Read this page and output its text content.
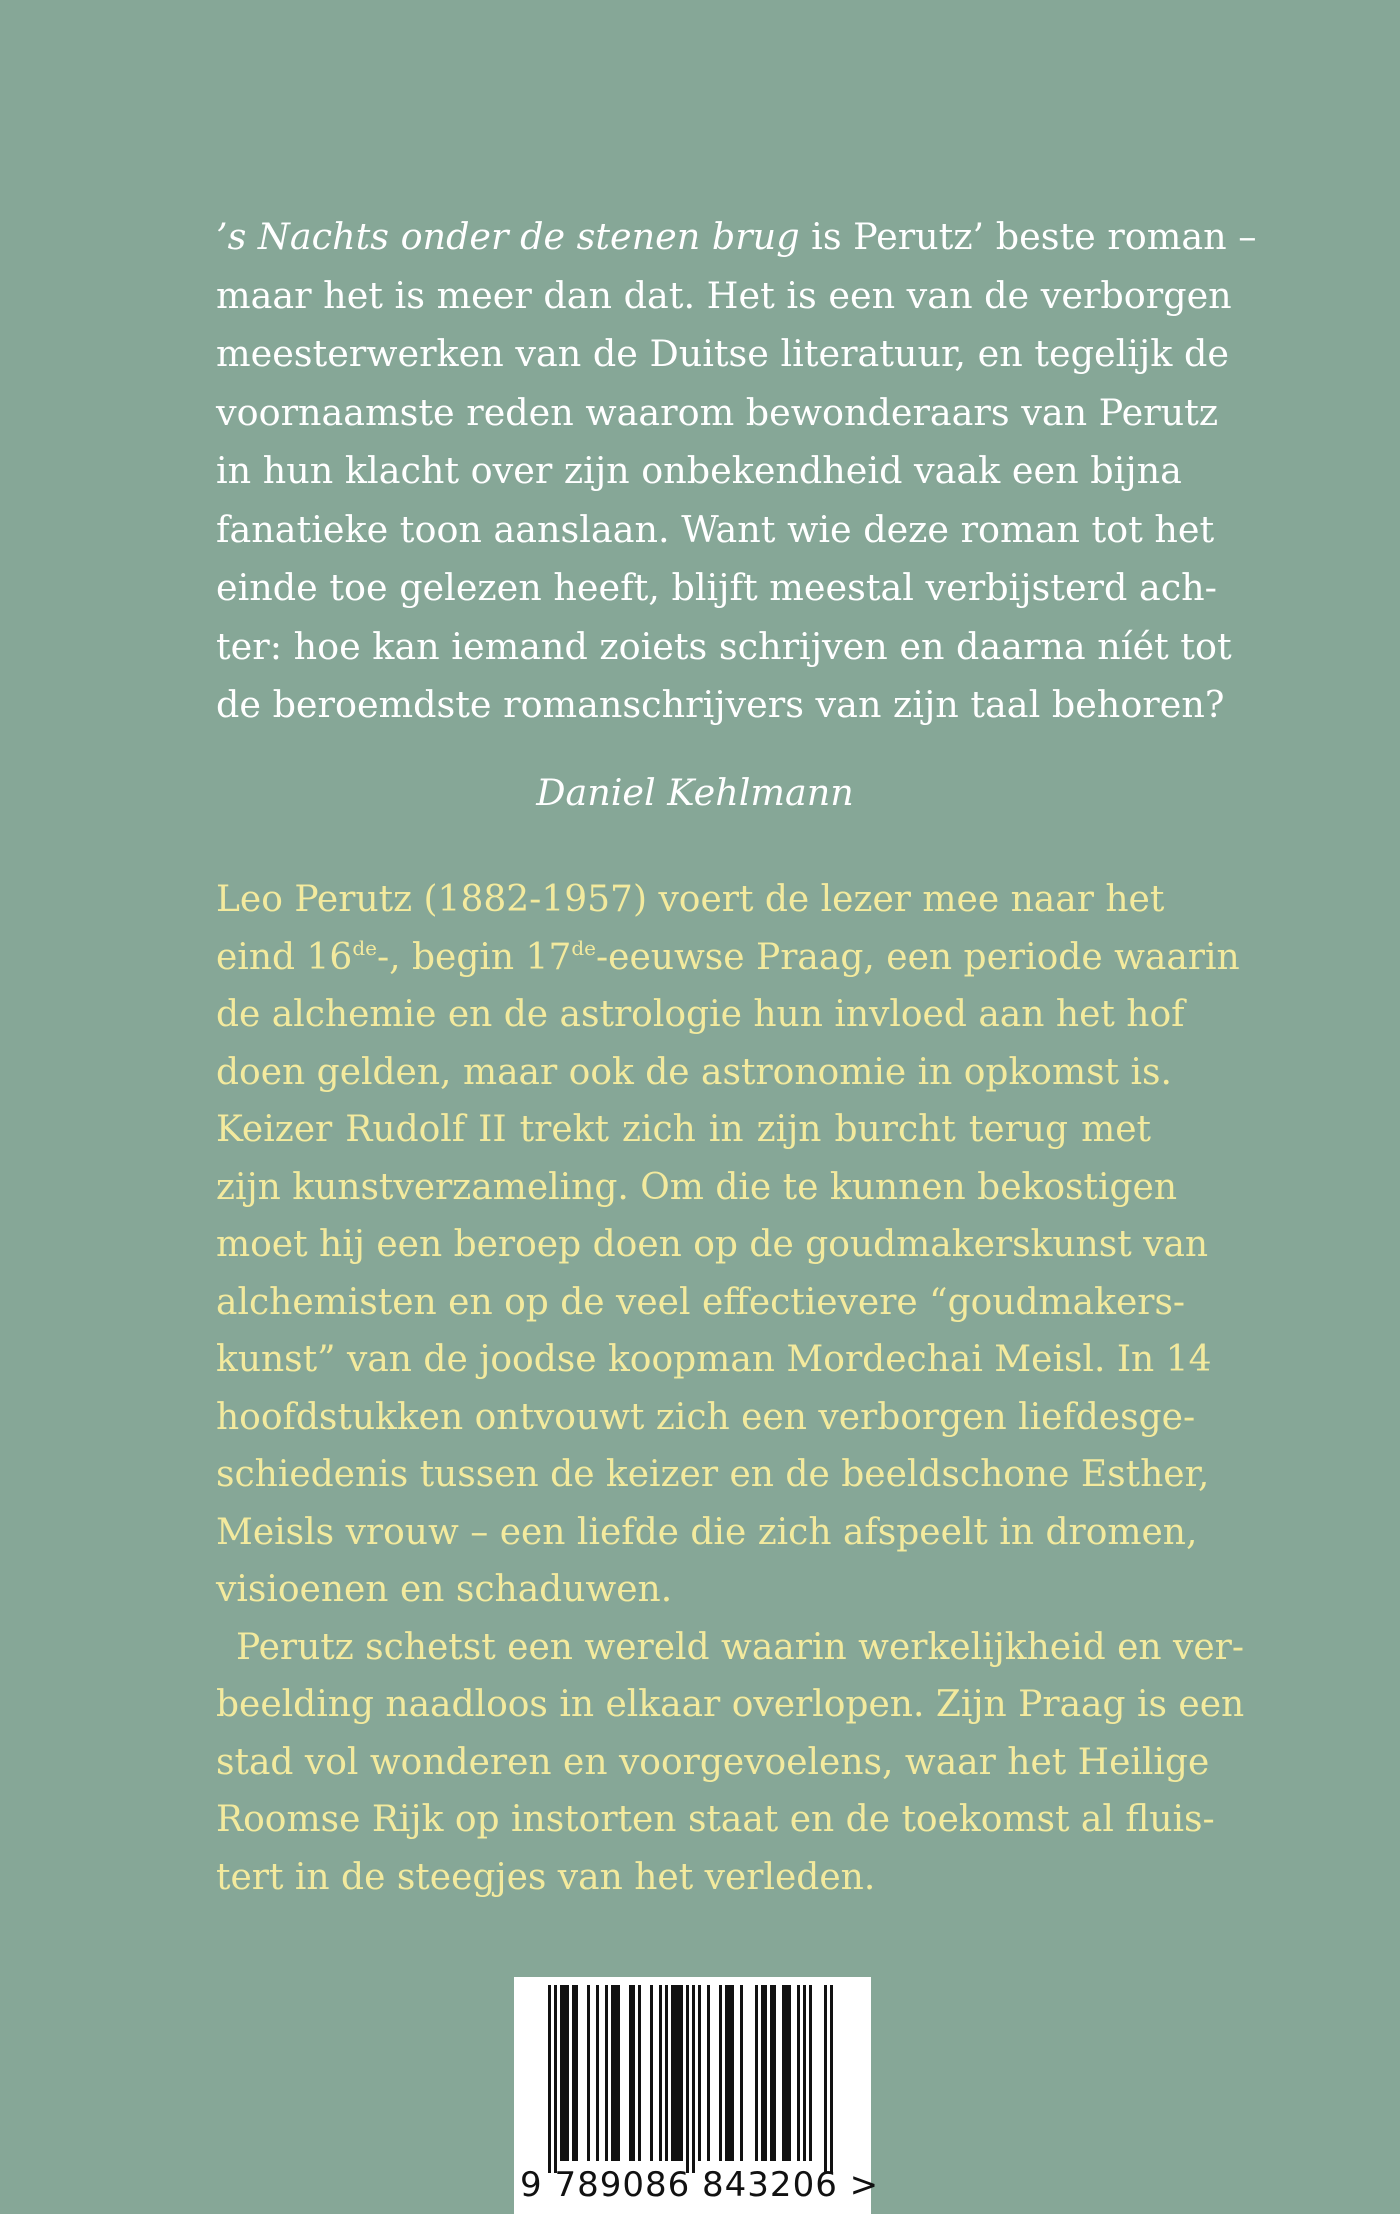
’s Nachts onder de stenen brug is Perutz’ beste roman –
maar het is meer dan dat. Het is een van de verborgen
meesterwerken van de Duitse literatuur, en tegelijk de
voornaamste reden waarom bewonderaars van Perutz
in hun klacht over zijn onbekendheid vaak een bijna
fanatieke toon aanslaan. Want wie deze roman tot het
einde toe gelezen heeft, blijft meestal verbijsterd ach-
ter: hoe kan iemand zoiets schrijven en daarna níét tot
de beroemdste romanschrijvers van zijn taal behoren?
Daniel Kehlmann
Leo Perutz (1882-1957) voert de lezer mee naar het
eind 16de-, begin 17de-eeuwse Praag, een periode waarin
de alchemie en de astrologie hun invloed aan het hof
doen gelden, maar ook de astronomie in opkomst is.
Keizer Rudolf II trekt zich in zijn burcht terug met
zijn kunstverzameling. Om die te kunnen bekostigen
moet hij een beroep doen op de goudmakerskunst van
alchemisten en op de veel effectievere “goudmakers-
kunst” van de joodse koopman Mordechai Meisl. In 14
hoofdstukken ontvouwt zich een verborgen liefdesge-
schiedenis tussen de keizer en de beeldschone Esther,
Meisls vrouw – een liefde die zich afspeelt in dromen,
visioenen en schaduwen.
Perutz schetst een wereld waarin werkelijkheid en ver-
beelding naadloos in elkaar overlopen. Zijn Praag is een
stad vol wonderen en voorgevoelens, waar het Heilige
Roomse Rijk op instorten staat en de toekomst al fluis-
tert in de steegjes van het verleden.
9 789086 843206 >
